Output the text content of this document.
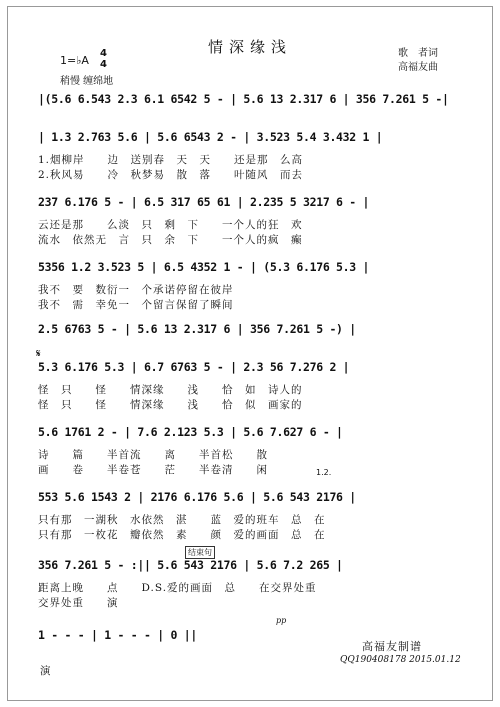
情深缘浅
1=♭A
4
4
稍慢 缠绵地
歌　者词
高福友曲
|(5.6 6.543 2.3 6.1 6542 5 - | 5.6 13 2.317 6 | 356 7.261 5 -|
| 1.3 2.763 5.6 | 5.6 6543 2 - | 3.523 5.4 3.432 1 |
1.烟柳岸　　边　送别春　天　天　　还是那　么高
2.秋风易　　冷　秋梦易　散　落　　叶随风　而去
237 6.176 5 - | 6.5 317 65 61 | 2.235 5 3217 6 - |
云还是那　　么淡　只　剩　下　　一个人的狂　欢
流水　依然无　言　只　余　下　　一个人的疯　癫
5356 1.2 3.523 5 | 6.5 4352 1 - | (5.3 6.176 5.3 |
我不　要　数衍一　个承诺停留在彼岸
我不　需　幸免一　个留言保留了瞬间
2.5 6763 5 - | 5.6 13 2.317 6 | 356 7.261 5 -) |
𝄋
5.3 6.176 5.3 | 6.7 6763 5 - | 2.3 56 7.276 2 |
怪　只　　怪　　情深缘　　浅　　恰　如　诗人的
怪　只　　怪　　情深缘　　浅　　恰　似　画家的
5.6 1761 2 - | 7.6 2.123 5.3 | 5.6 7.627 6 - |
诗　　篇　　半首流　　离　　半首松　　散
画　　卷　　半卷苍　　茫　　半卷清　　闲	1.2.
553 5.6 1543 2 | 2176 6.176 5.6 | 5.6 543 2176 |
只有那　一湖秋　水依然　湛　　蓝　爱的班车　总　在
只有那　一枚花　瓣依然　素　　颜　爱的画面　总　在
结束句
356 7.261 5 - :|| 5.6 543 2176 | 5.6 7.2 265 |
距离上晚　　点　　D.S.爱的画面　总　　在交界处重
交界处重　　演
pp
1 - - - | 1 - - - | 0 ||
演
高福友制谱
QQ190408178 2015.01.12
